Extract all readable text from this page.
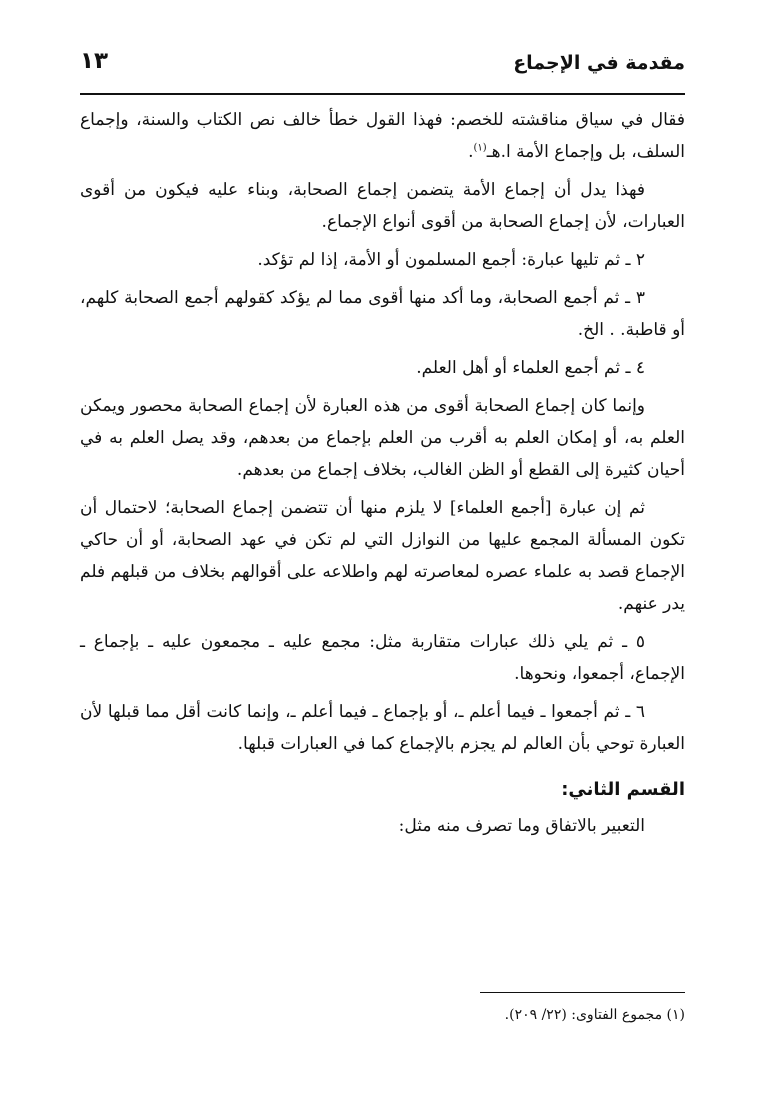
مقدمة في الإجماع
١٣

فقال في سياق مناقشته للخصم: فهذا القول خطأ خالف نص الكتاب والسنة، وإجماع السلف، بل وإجماع الأمة ا.هـ$^{(١)}$.

فهذا يدل أن إجماع الأمة يتضمن إجماع الصحابة، وبناء عليه فيكون من أقوى العبارات، لأن إجماع الصحابة من أقوى أنواع الإجماع.

٢ ـ ثم تليها عبارة: أجمع المسلمون أو الأمة، إذا لم تؤكد.

٣ ـ ثم أجمع الصحابة، وما أكد منها أقوى مما لم يؤكد كقولهم أجمع الصحابة كلهم، أو قاطبة. . الخ.

٤ ـ ثم أجمع العلماء أو أهل العلم.

وإنما كان إجماع الصحابة أقوى من هذه العبارة لأن إجماع الصحابة محصور ويمكن العلم به، أو إمكان العلم به أقرب من العلم بإجماع من بعدهم، وقد يصل العلم به في أحيان كثيرة إلى القطع أو الظن الغالب، بخلاف إجماع من بعدهم.

ثم إن عبارة [أجمع العلماء] لا يلزم منها أن تتضمن إجماع الصحابة؛ لاحتمال أن تكون المسألة المجمع عليها من النوازل التي لم تكن في عهد الصحابة، أو أن حاكي الإجماع قصد به علماء عصره لمعاصرته لهم واطلاعه على أقوالهم بخلاف من قبلهم فلم يدر عنهم.

٥ ـ ثم يلي ذلك عبارات متقاربة مثل: مجمع عليه ـ مجمعون عليه ـ بإجماع ـ الإجماع، أجمعوا، ونحوها.

٦ ـ ثم أجمعوا ـ فيما أعلم ـ، أو بإجماع ـ فيما أعلم ـ، وإنما كانت أقل مما قبلها لأن العبارة توحي بأن العالم لم يجزم بالإجماع كما في العبارات قبلها.

القسم الثاني:

التعبير بالاتفاق وما تصرف منه مثل:

(١) مجموع الفتاوى: (٢٢/ ٢٠٩).
